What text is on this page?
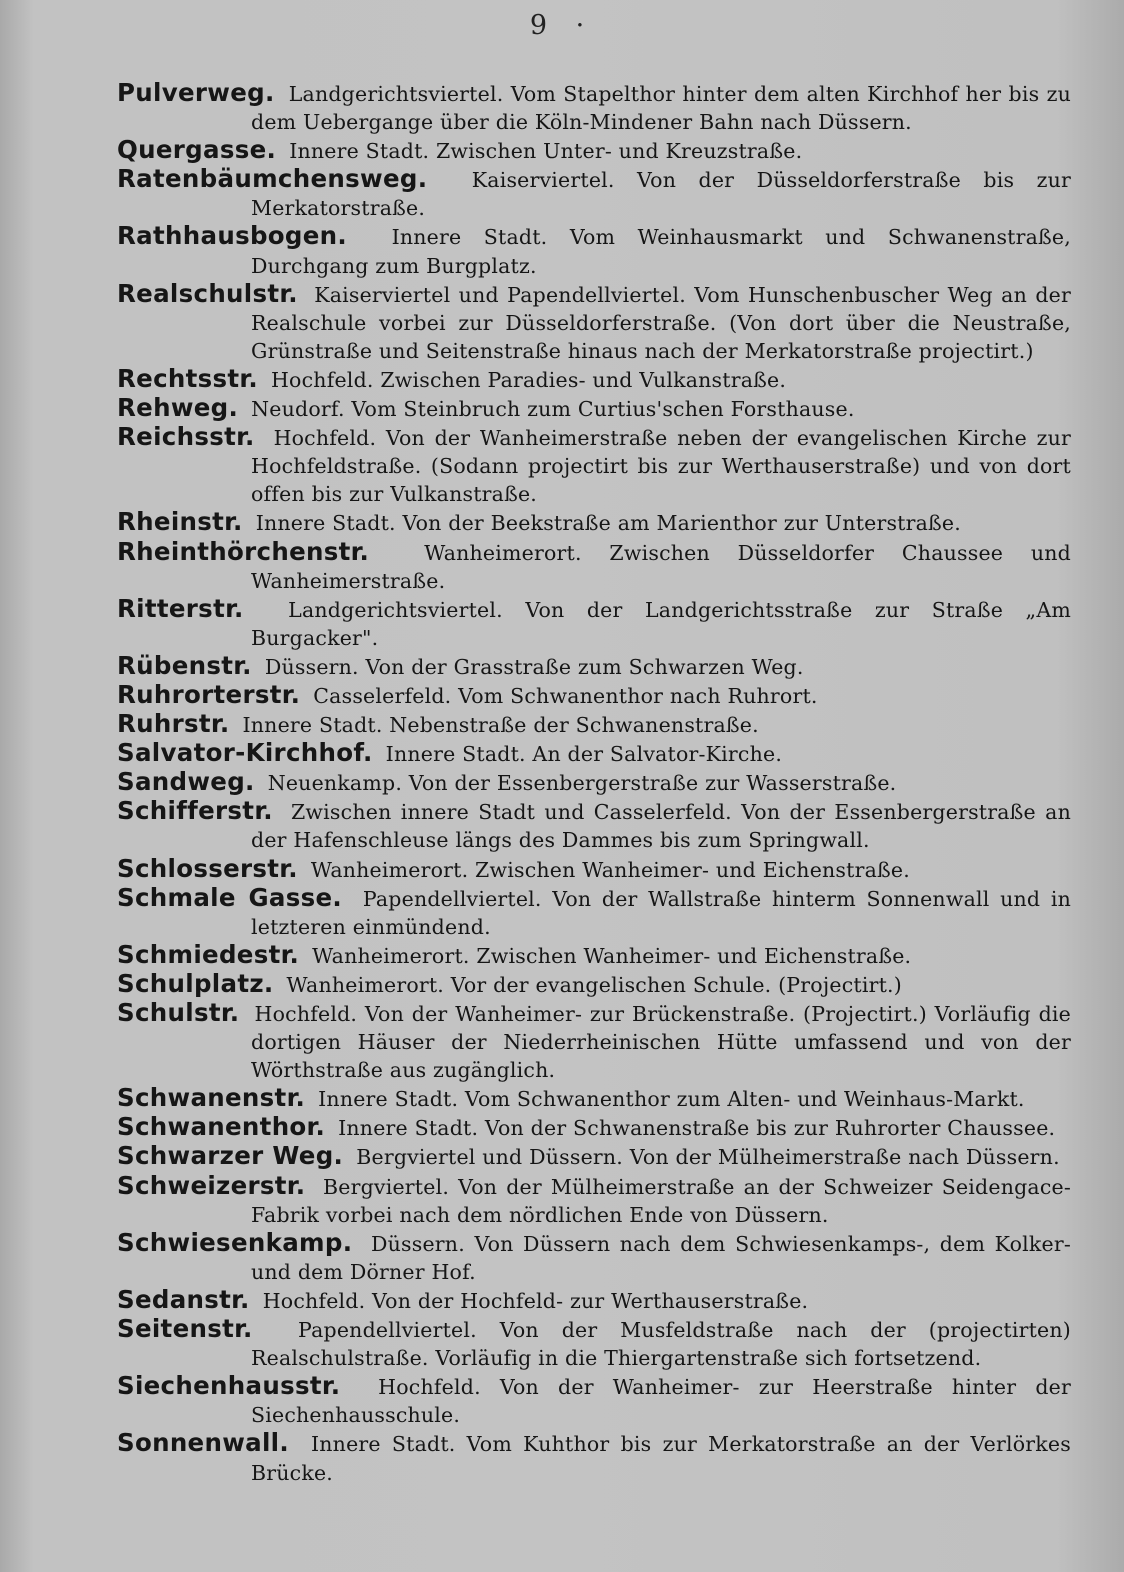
9 ·

Pulverweg. Landgerichtsviertel. Vom Stapelthor hinter dem alten Kirchhof her bis zu dem Uebergange über die Köln-Mindener Bahn nach Düssern.

Quergasse. Innere Stadt. Zwischen Unter- und Kreuzstraße.

Ratenbäumchensweg. Kaiserviertel. Von der Düsseldorferstraße bis zur Merkatorstraße.

Rathhausbogen. Innere Stadt. Vom Weinhausmarkt und Schwanenstraße, Durchgang zum Burgplatz.

Realschulstr. Kaiserviertel und Papendellviertel. Vom Hunschenbuscher Weg an der Realschule vorbei zur Düsseldorferstraße. (Von dort über die Neustraße, Grünstraße und Seitenstraße hinaus nach der Merkatorstraße projectirt.)

Rechtsstr. Hochfeld. Zwischen Paradies- und Vulkanstraße.

Rehweg. Neudorf. Vom Steinbruch zum Curtius'schen Forsthause.

Reichsstr. Hochfeld. Von der Wanheimerstraße neben der evangelischen Kirche zur Hochfeldstraße. (Sodann projectirt bis zur Werthauserstraße) und von dort offen bis zur Vulkanstraße.

Rheinstr. Innere Stadt. Von der Beekstraße am Marienthor zur Unterstraße.

Rheinthörchenstr.	Wanheimerort. Zwischen Düsseldorfer Chaussee und Wanheimerstraße.

Ritterstr. Landgerichtsviertel. Von der Landgerichtsstraße zur Straße „Am Burgacker".

Rübenstr. Düssern. Von der Grasstraße zum Schwarzen Weg.

Ruhrorterstr. Casselerfeld. Vom Schwanenthor nach Ruhrort.

Ruhrstr. Innere Stadt. Nebenstraße der Schwanenstraße.

Salvator-Kirchhof. Innere Stadt. An der Salvator-Kirche.

Sandweg. Neuenkamp. Von der Essenbergerstraße zur Wasserstraße.

Schifferstr. Zwischen innere Stadt und Casselerfeld. Von der Essenbergerstraße an der Hafenschleuse längs des Dammes bis zum Springwall.

Schlosserstr. Wanheimerort. Zwischen Wanheimer- und Eichenstraße.

Schmale Gasse. Papendellviertel. Von der Wallstraße hinterm Sonnenwall und in letzteren einmündend.

Schmiedestr. Wanheimerort. Zwischen Wanheimer- und Eichenstraße.

Schulplatz. Wanheimerort. Vor der evangelischen Schule. (Projectirt.)

Schulstr. Hochfeld. Von der Wanheimer- zur Brückenstraße. (Projectirt.) Vorläufig die dortigen Häuser der Niederrheinischen Hütte umfassend und von der Wörthstraße aus zugänglich.

Schwanenstr. Innere Stadt. Vom Schwanenthor zum Alten- und Weinhaus-Markt.

Schwanenthor. Innere Stadt. Von der Schwanenstraße bis zur Ruhrorter Chaussee.

Schwarzer Weg. Bergviertel und Düssern. Von der Mülheimerstraße nach Düssern.

Schweizerstr. Bergviertel. Von der Mülheimerstraße an der Schweizer Seidengace-Fabrik vorbei nach dem nördlichen Ende von Düssern.

Schwiesenkamp. Düssern. Von Düssern nach dem Schwiesenkamps-, dem Kolker- und dem Dörner Hof.

Sedanstr. Hochfeld. Von der Hochfeld- zur Werthauserstraße.

Seitenstr. Papendellviertel. Von der Musfeldstraße nach der (projectirten) Realschulstraße. Vorläufig in die Thiergartenstraße sich fortsetzend.

Siechenhausstr. Hochfeld. Von der Wanheimer- zur Heerstraße hinter der Siechenhausschule.

Sonnenwall. Innere Stadt. Vom Kuhthor bis zur Merkatorstraße an der Verlörkes Brücke.
